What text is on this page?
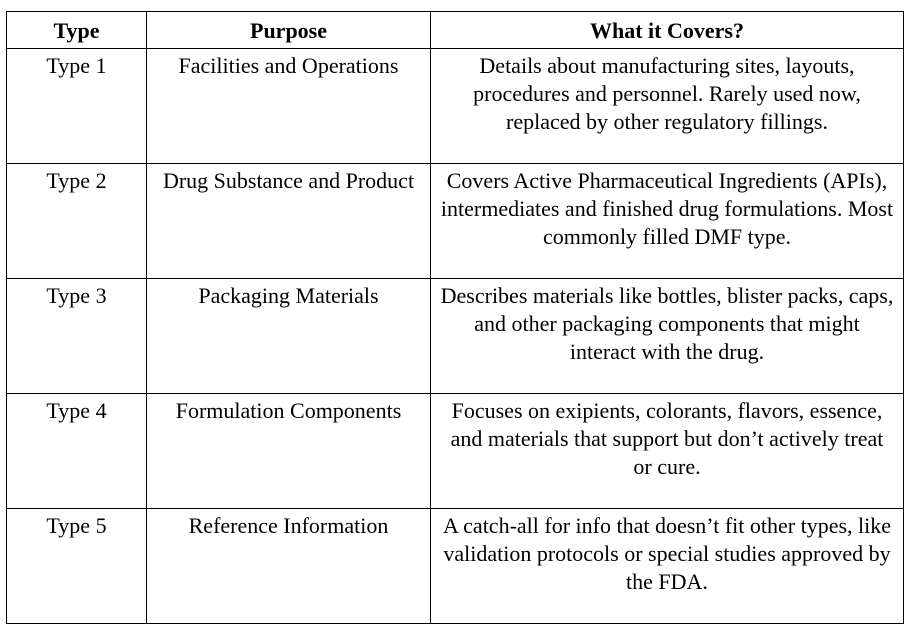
Type	Purpose	What it Covers?
Type 1	Facilities and Operations	Details about manufacturing sites, layouts, procedures and personnel. Rarely used now, replaced by other regulatory fillings.
Type 2	Drug Substance and Product	Covers Active Pharmaceutical Ingredients (APIs), intermediates and finished drug formulations. Most commonly filled DMF type.
Type 3	Packaging Materials	Describes materials like bottles, blister packs, caps, and other packaging components that might interact with the drug.
Type 4	Formulation Components	Focuses on exipients, colorants, flavors, essence, and materials that support but don’t actively treat or cure.
Type 5	Reference Information	A catch-all for info that doesn’t fit other types, like validation protocols or special studies approved by the FDA.
